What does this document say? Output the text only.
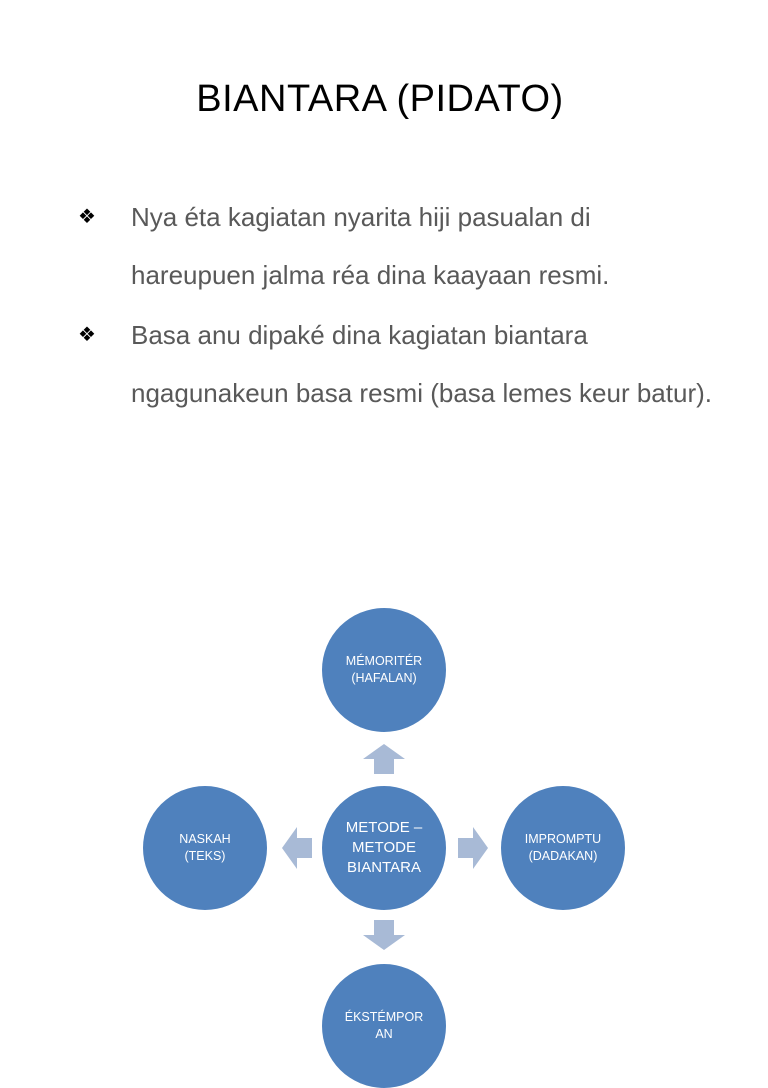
BIANTARA (PIDATO)
❖ Nya éta kagiatan nyarita hiji pasualan di hareupuen jalma réa dina kaayaan resmi.
❖ Basa anu dipaké dina kagiatan biantara ngagunakeun basa resmi (basa lemes keur batur).
MÉMORITÉR
(HAFALAN)
NASKAH
(TEKS)
METODE –
METODE
BIANTARA
IMPROMPTU
(DADAKAN)
ÉKSTÉMPOR
AN
